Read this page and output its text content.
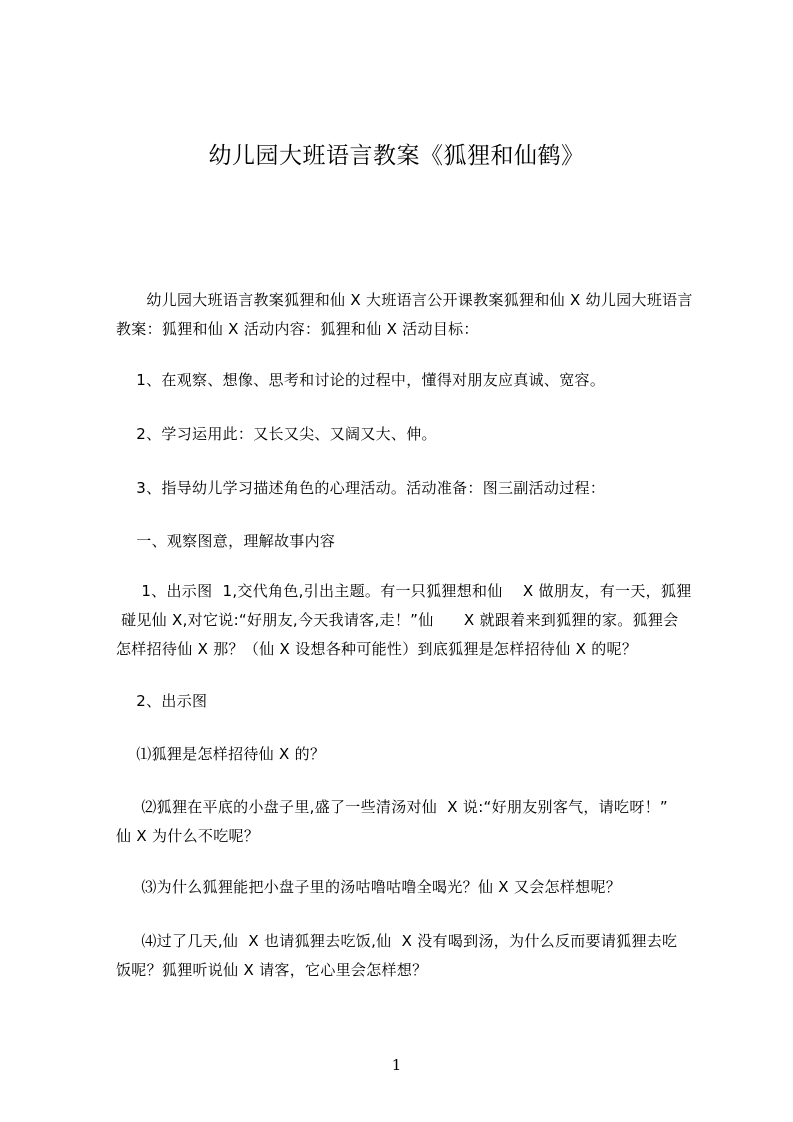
幼儿园大班语言教案《狐狸和仙鹤》
幼儿园大班语言教案狐狸和仙 X 大班语言公开课教案狐狸和仙 X 幼儿园大班语言
教案：狐狸和仙 X 活动内容：狐狸和仙 X 活动目标：
1、在观察、想像、思考和讨论的过程中，懂得对朋友应真诚、宽容。
2、学习运用此：又长又尖、又阔又大、伸。
3、指导幼儿学习描述角色的心理活动。活动准备：图三副活动过程：
一、观察图意，理解故事内容
1、出示图  1,交代角色,引出主题。有一只狐狸想和仙    X 做朋友，有一天，狐狸
碰见仙 X,对它说:“好朋友,今天我请客,走！”仙      X 就跟着来到狐狸的家。狐狸会
怎样招待仙 X 那？（仙 X 设想各种可能性）到底狐狸是怎样招待仙 X 的呢？
2、出示图
⑴狐狸是怎样招待仙 X 的？
⑵狐狸在平底的小盘子里,盛了一些清汤对仙  X 说:“好朋友别客气，请吃呀！”
仙 X 为什么不吃呢？
⑶为什么狐狸能把小盘子里的汤咕噜咕噜全喝光？仙 X 又会怎样想呢？
⑷过了几天,仙  X 也请狐狸去吃饭,仙  X 没有喝到汤，为什么反而要请狐狸去吃
饭呢？狐狸听说仙 X 请客，它心里会怎样想？
1
